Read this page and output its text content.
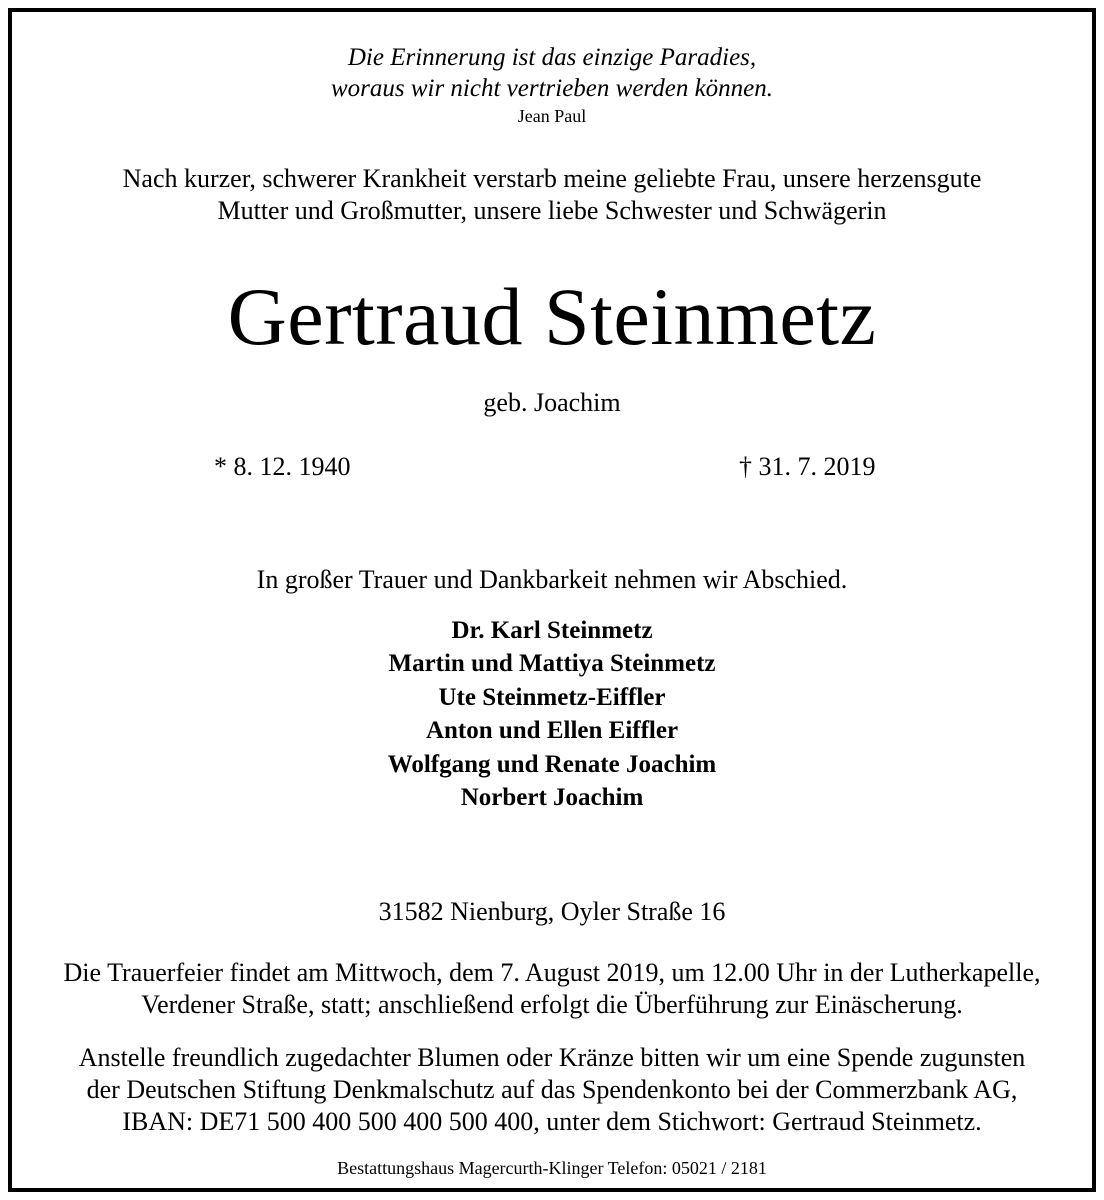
Die Erinnerung ist das einzige Paradies,
woraus wir nicht vertrieben werden können.
Jean Paul
Nach kurzer, schwerer Krankheit verstarb meine geliebte Frau, unsere herzensgute
Mutter und Großmutter, unsere liebe Schwester und Schwägerin
Gertraud Steinmetz
geb. Joachim
* 8. 12. 1940	† 31. 7. 2019
In großer Trauer und Dankbarkeit nehmen wir Abschied.
Dr. Karl Steinmetz
Martin und Mattiya Steinmetz
Ute Steinmetz-Eiffler
Anton und Ellen Eiffler
Wolfgang und Renate Joachim
Norbert Joachim
31582 Nienburg, Oyler Straße 16
Die Trauerfeier findet am Mittwoch, dem 7. August 2019, um 12.00 Uhr in der Lutherkapelle,
Verdener Straße, statt; anschließend erfolgt die Überführung zur Einäscherung.
Anstelle freundlich zugedachter Blumen oder Kränze bitten wir um eine Spende zugunsten
der Deutschen Stiftung Denkmalschutz auf das Spendenkonto bei der Commerzbank AG,
IBAN: DE71 500 400 500 400 500 400, unter dem Stichwort: Gertraud Steinmetz.
Bestattungshaus Magercurth-Klinger Telefon: 05021 / 2181
